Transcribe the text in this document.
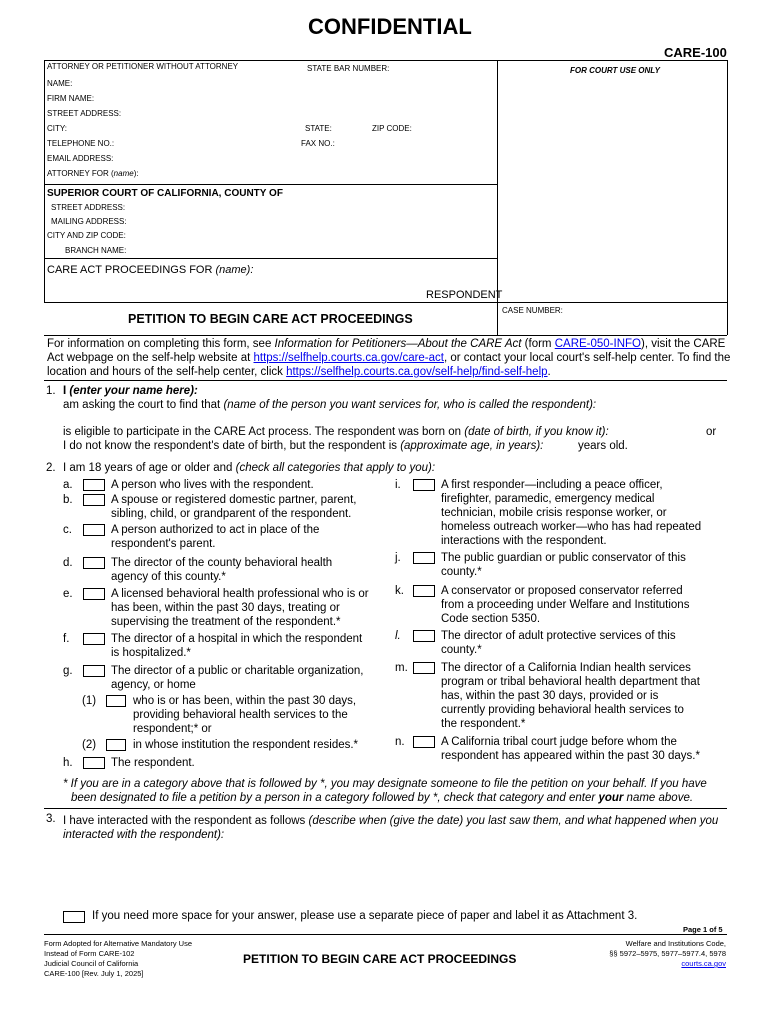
CONFIDENTIAL
CARE-100
ATTORNEY OR PETITIONER WITHOUT ATTORNEY	STATE BAR NUMBER:	FOR COURT USE ONLY
NAME:
FIRM NAME:
STREET ADDRESS:
CITY:	STATE:	ZIP CODE:
TELEPHONE NO.:	FAX NO.:
EMAIL ADDRESS:
ATTORNEY FOR (name):
SUPERIOR COURT OF CALIFORNIA, COUNTY OF
STREET ADDRESS:
MAILING ADDRESS:
CITY AND ZIP CODE:
BRANCH NAME:
CARE ACT PROCEEDINGS FOR (name):
RESPONDENT
PETITION TO BEGIN CARE ACT PROCEEDINGS
CASE NUMBER:
For information on completing this form, see Information for Petitioners—About the CARE Act (form CARE-050-INFO), visit the CARE
Act webpage on the self-help website at https://selfhelp.courts.ca.gov/care-act, or contact your local court's self-help center. To find the
location and hours of the self-help center, click https://selfhelp.courts.ca.gov/self-help/find-self-help.
1. I (enter your name here):
am asking the court to find that (name of the person you want services for, who is called the respondent):
is eligible to participate in the CARE Act process. The respondent was born on (date of birth, if you know it):	or
I do not know the respondent's date of birth, but the respondent is (approximate age, in years):	years old.
2. I am 18 years of age or older and (check all categories that apply to you):
a.	A person who lives with the respondent.
b.	A spouse or registered domestic partner, parent,
sibling, child, or grandparent of the respondent.
c.	A person authorized to act in place of the
respondent's parent.
d.	The director of the county behavioral health
agency of this county.*
e.	A licensed behavioral health professional who is or
has been, within the past 30 days, treating or
supervising the treatment of the respondent.*
f.	The director of a hospital in which the respondent
is hospitalized.*
g.	The director of a public or charitable organization,
agency, or home
(1)	who is or has been, within the past 30 days,
providing behavioral health services to the
respondent;* or
(2)	in whose institution the respondent resides.*
h.	The respondent.
i.	A first responder—including a peace officer,
firefighter, paramedic, emergency medical
technician, mobile crisis response worker, or
homeless outreach worker—who has had repeated
interactions with the respondent.
j.	The public guardian or public conservator of this
county.*
k.	A conservator or proposed conservator referred
from a proceeding under Welfare and Institutions
Code section 5350.
l.	The director of adult protective services of this
county.*
m.	The director of a California Indian health services
program or tribal behavioral health department that
has, within the past 30 days, provided or is
currently providing behavioral health services to
the respondent.*
n.	A California tribal court judge before whom the
respondent has appeared within the past 30 days.*
* If you are in a category above that is followed by *, you may designate someone to file the petition on your behalf. If you have
been designated to file a petition by a person in a category followed by *, check that category and enter your name above.
3. I have interacted with the respondent as follows (describe when (give the date) you last saw them, and what happened when you
interacted with the respondent):
If you need more space for your answer, please use a separate piece of paper and label it as Attachment 3.
Page 1 of 5
Form Adopted for Alternative Mandatory Use
Instead of Form CARE-102
Judicial Council of California
CARE-100 [Rev. July 1, 2025]
PETITION TO BEGIN CARE ACT PROCEEDINGS
Welfare and Institutions Code,
§§ 5972–5975, 5977–5977.4, 5978
courts.ca.gov
